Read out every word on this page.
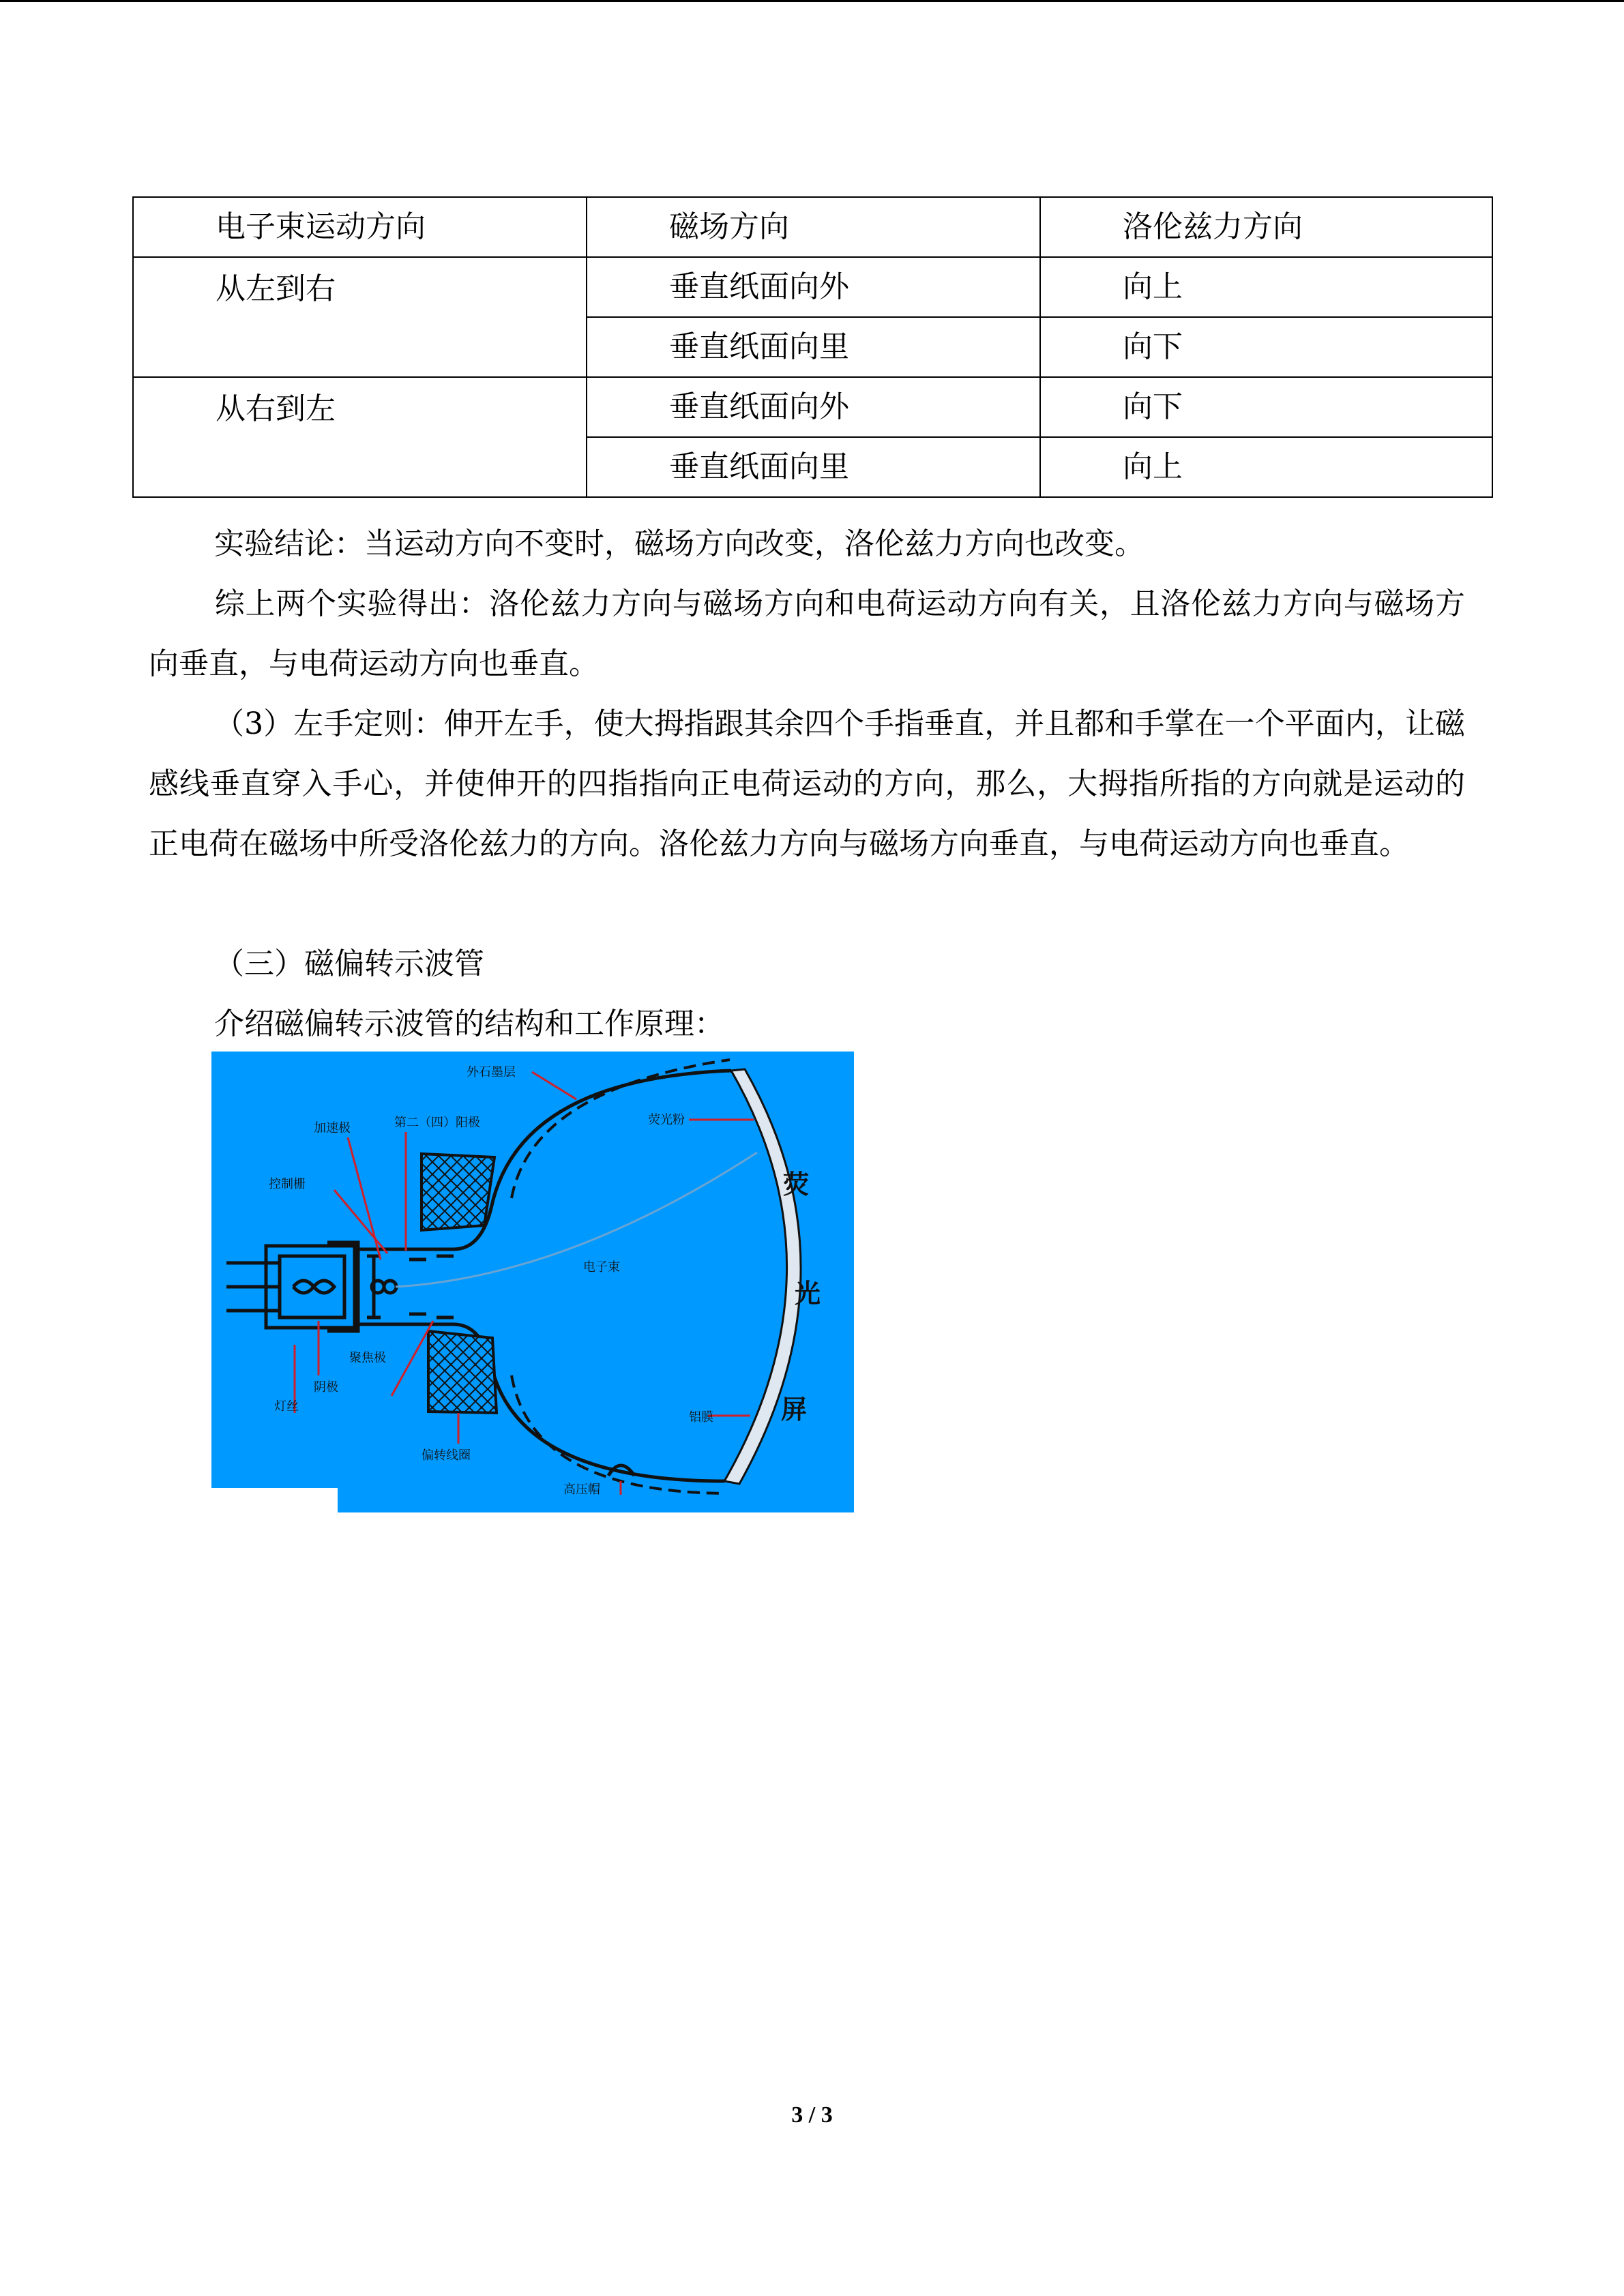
电子束运动方向	磁场方向	洛伦兹力方向
从左到右	垂直纸面向外	向上
	垂直纸面向里	向下
从右到左	垂直纸面向外	向下
	垂直纸面向里	向上

实验结论：当运动方向不变时，磁场方向改变，洛伦兹力方向也改变。

综上两个实验得出：洛伦兹力方向与磁场方向和电荷运动方向有关，且洛伦兹力方向与磁场方向垂直，与电荷运动方向也垂直。

（3）左手定则：伸开左手，使大拇指跟其余四个手指垂直，并且都和手掌在一个平面内，让磁感线垂直穿入手心，并使伸开的四指指向正电荷运动的方向，那么，大拇指所指的方向就是运动的正电荷在磁场中所受洛伦兹力的方向。洛伦兹力方向与磁场方向垂直，与电荷运动方向也垂直。

（三）磁偏转示波管

介绍磁偏转示波管的结构和工作原理：

外石墨层
加速极	第二（四）阳极	荧光粉
控制栅
电子束
聚焦极
阴极
灯丝
偏转线圈
铝膜
高压帽
荧
光
屏
3 / 3
